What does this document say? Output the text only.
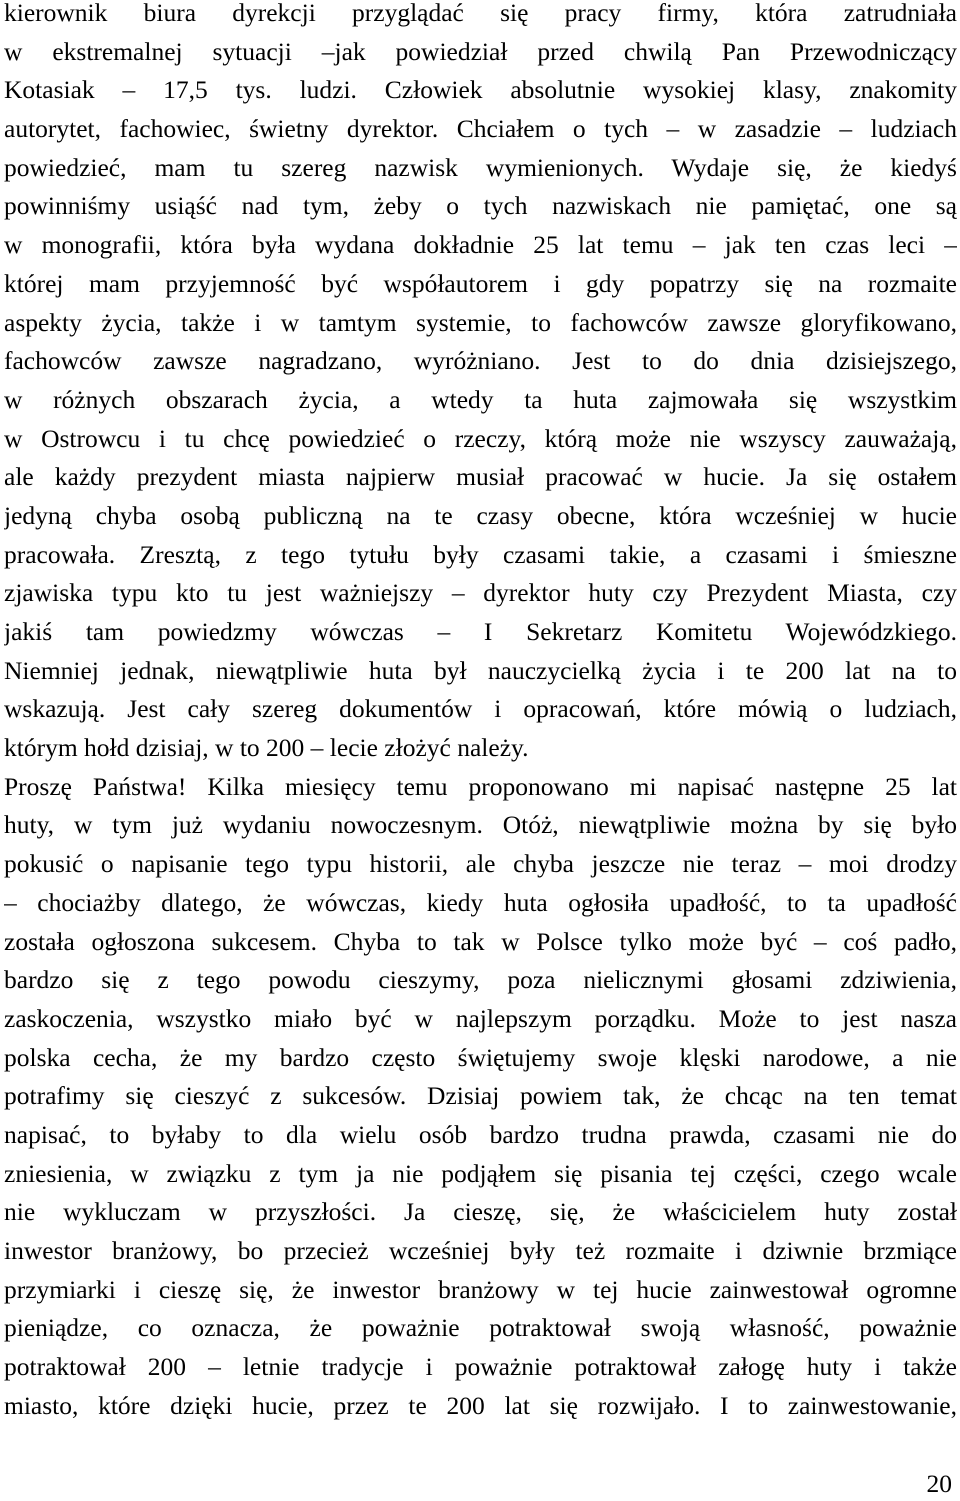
kierownik biura dyrekcji przyglądać się pracy firmy, która zatrudniała
w ekstremalnej sytuacji –jak powiedział przed chwilą Pan Przewodniczący
Kotasiak – 17,5 tys. ludzi. Człowiek absolutnie wysokiej klasy, znakomity
autorytet, fachowiec, świetny dyrektor. Chciałem o tych – w zasadzie – ludziach
powiedzieć, mam tu szereg nazwisk wymienionych. Wydaje się, że kiedyś
powinniśmy usiąść nad tym, żeby o tych nazwiskach nie pamiętać, one są
w monografii, która była wydana dokładnie 25 lat temu – jak ten czas leci –
której mam przyjemność być współautorem i gdy popatrzy się na rozmaite
aspekty życia, także i w tamtym systemie, to fachowców zawsze gloryfikowano,
fachowców zawsze nagradzano, wyróżniano. Jest to do dnia dzisiejszego,
w różnych obszarach życia, a wtedy ta huta zajmowała się wszystkim
w Ostrowcu i tu chcę powiedzieć o rzeczy, którą może nie wszyscy zauważają,
ale każdy prezydent miasta najpierw musiał pracować w hucie. Ja się ostałem
jedyną chyba osobą publiczną na te czasy obecne, która wcześniej w hucie
pracowała. Zresztą, z tego tytułu były czasami takie, a czasami i śmieszne
zjawiska typu kto tu jest ważniejszy – dyrektor huty czy Prezydent Miasta, czy
jakiś tam powiedzmy wówczas – I Sekretarz Komitetu Wojewódzkiego.
Niemniej jednak, niewątpliwie huta był nauczycielką życia i te 200 lat na to
wskazują. Jest cały szereg dokumentów i opracowań, które mówią o ludziach,
którym hołd dzisiaj, w to 200 – lecie złożyć należy.
Proszę Państwa! Kilka miesięcy temu proponowano mi napisać następne 25 lat
huty, w tym już wydaniu nowoczesnym. Otóż, niewątpliwie można by się było
pokusić o napisanie tego typu historii, ale chyba jeszcze nie teraz – moi drodzy
– chociażby dlatego, że wówczas, kiedy huta ogłosiła upadłość, to ta upadłość
została ogłoszona sukcesem. Chyba to tak w Polsce tylko może być – coś padło,
bardzo się z tego powodu cieszymy, poza nielicznymi głosami zdziwienia,
zaskoczenia, wszystko miało być w najlepszym porządku. Może to jest nasza
polska cecha, że my bardzo często świętujemy swoje klęski narodowe, a nie
potrafimy się cieszyć z sukcesów. Dzisiaj powiem tak, że chcąc na ten temat
napisać, to byłaby to dla wielu osób bardzo trudna prawda, czasami nie do
zniesienia, w związku z tym ja nie podjąłem się pisania tej części, czego wcale
nie wykluczam w przyszłości. Ja cieszę, się, że właścicielem huty został
inwestor branżowy, bo przecież wcześniej były też rozmaite i dziwnie brzmiące
przymiarki i cieszę się, że inwestor branżowy w tej hucie zainwestował ogromne
pieniądze, co oznacza, że poważnie potraktował swoją własność, poważnie
potraktował 200 – letnie tradycje i poważnie potraktował załogę huty i także
miasto, które dzięki hucie, przez te 200 lat się rozwijało. I to zainwestowanie,
20
